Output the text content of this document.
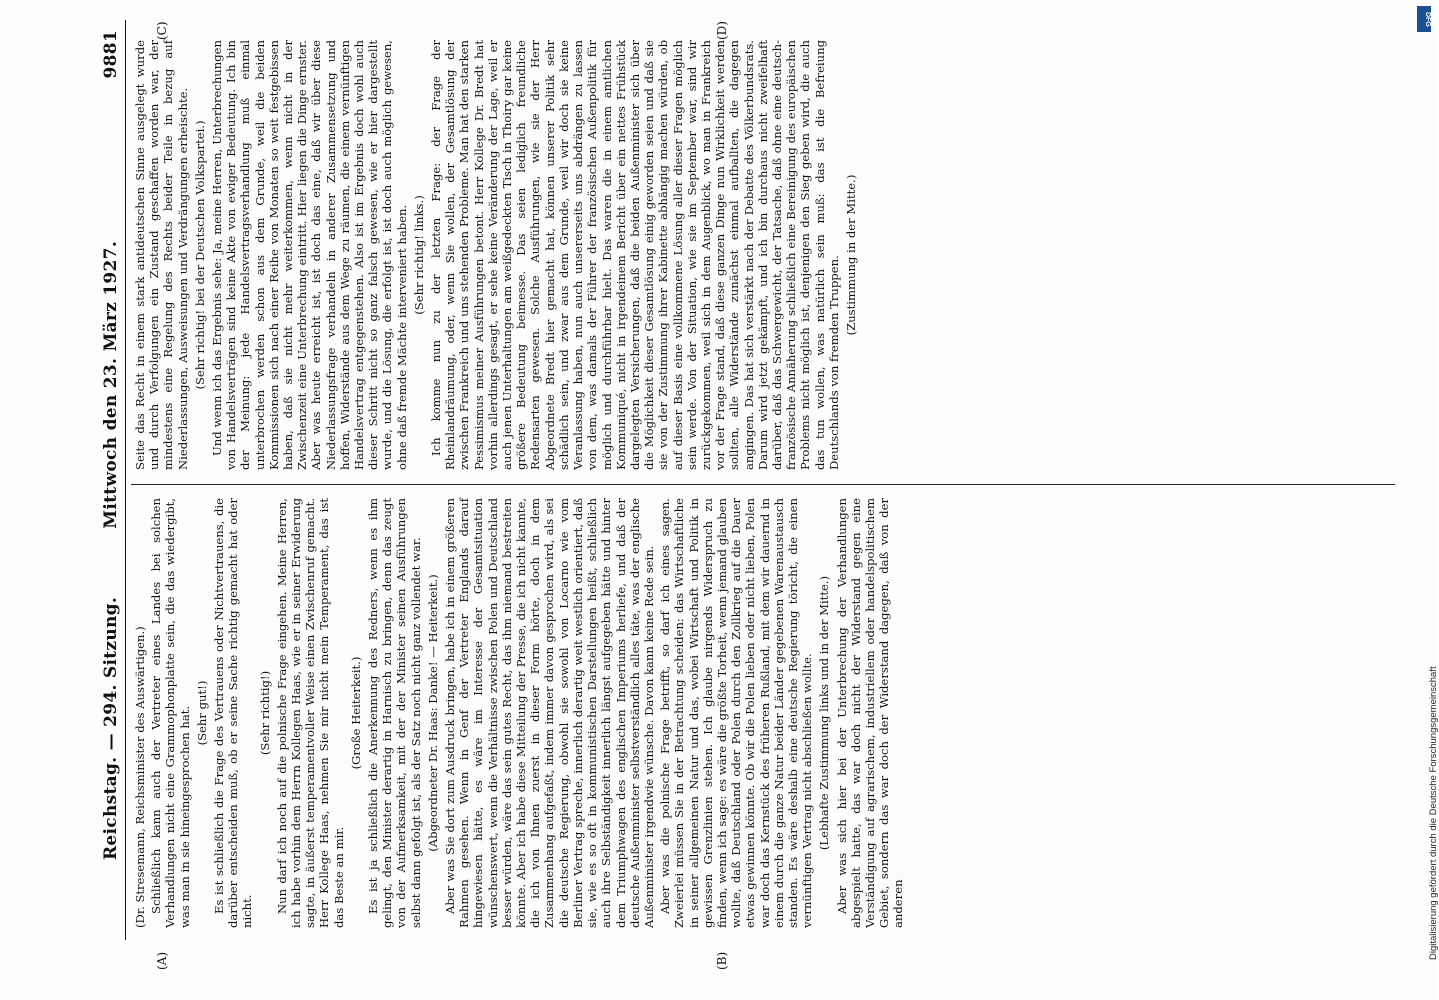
Reichstag. — 294. Sitzung.
Mittwoch den 23. März 1927.  9881
(A)	(B)
(C)	(D)

(Dr. Stresemann, Reichsminister des Auswärtigen.) Schließlich kann auch der Vertreter eines Landes bei solchen Verhandlungen nicht eine Grammophonplatte sein, die das wiedergibt, was man in sie hineingesprochen hat. (Sehr gut!) Es ist schließlich die Frage des Vertrauens oder Nichtvertrauens, die darüber entscheiden muß, ob er seine Sache richtig gemacht hat oder nicht.

(Sehr richtig!) Nun darf ich noch auf die polnische Frage eingehen. Meine Herren, ich habe vorhin dem Herrn Kollegen Haas, wie er in seiner Erwiderung sagte, in äußerst temperamentvoller Weise einen Zwischenruf gemacht. Herr Kollege Haas, nehmen Sie mir nicht mein Temperament, das ist das Beste an mir.

(Große Heiterkeit.) Es ist ja schließlich die Anerkennung des Redners, wenn es ihm gelingt, den Minister derartig in Harnisch zu bringen, denn das zeugt von der Aufmerksamkeit, mit der der Minister seinen Ausführungen selbst dann gefolgt ist, als der Satz noch nicht ganz vollendet war. (Abgeordneter Dr. Haas: Danke! — Heiterkeit.) Aber was Sie dort zum Ausdruck bringen, habe ich in einem größeren Rahmen gesehen. Wenn in Genf der Vertreter Englands darauf hingewiesen hätte, es wäre im Interesse der Gesamtsituation wünschenswert, wenn die Verhältnisse zwischen Polen und Deutschland besser würden, wäre das sein gutes Recht, das ihm niemand bestreiten könnte. Aber ich habe diese Mitteilung der Presse, die ich nicht kannte, die ich von Ihnen zuerst in dieser Form hörte, doch in dem Zusammenhang aufgefaßt, indem immer davon gesprochen wird, als sei die deutsche Regierung, obwohl sie sowohl von Locarno wie vom Berliner Vertrag spreche, innerlich derartig weit westlich orientiert, daß sie, wie es so oft in kommunistischen Darstellungen heißt, schließlich auch ihre Selbständigkeit innerlich längst aufgegeben hätte und hinter dem Triumphwagen des englischen Imperiums herliefe, und daß der deutsche Außenminister selbstverständlich alles täte, was der englische Außenminister irgendwie wünsche. Davon kann keine Rede sein. Aber was die polnische Frage betrifft, so darf ich eines sagen. Zweierlei müssen Sie in der Betrachtung scheiden: das Wirtschaftliche in seiner allgemeinen Natur und das, wobei Wirtschaft und Politik in gewissen Grenzlinien stehen. Ich glaube nirgends Widerspruch zu finden, wenn ich sage: es wäre die größte Torheit, wenn jemand glauben wollte, daß Deutschland oder Polen durch den Zollkrieg auf die Dauer etwas gewinnen könnte. Ob wir die Polen lieben oder nicht lieben, Polen war doch das Kernstück des früheren Rußland, mit dem wir dauernd in einem durch die ganze Natur beider Länder gegebenen Warenaustausch standen. Es wäre deshalb eine deutsche Regierung töricht, die einen vernünftigen Vertrag nicht abschließen wollte. (Lebhafte Zustimmung links und in der Mitte.) Aber was sich hier bei der Unterbrechung der Verhandlungen abgespielt hatte, das war doch nicht der Widerstand gegen eine Verständigung auf agrarischem, industriellem oder handelspolitischem Gebiet, sondern das war doch der Widerstand dagegen, daß von der anderen

Seite das Recht in einem stark antideutschen Sinne ausgelegt wurde und durch Verfolgungen ein Zustand geschaffen worden war, der mindestens eine Regelung des Rechts beider Teile in bezug auf Niederlassungen, Ausweisungen und Verdrängungen erheischte. (Sehr richtig! bei der Deutschen Volkspartei.) Und wenn ich das Ergebnis sehe: Ja, meine Herren, Unterbrechungen von Handelsverträgen sind keine Akte von ewiger Bedeutung. Ich bin der Meinung: jede Handelsvertragsverhandlung muß einmal unterbrochen werden schon aus dem Grunde, weil die beiden Kommissionen sich nach einer Reihe von Monaten so weit festgebissen haben, daß sie nicht mehr weiterkommen, wenn nicht in der Zwischenzeit eine Unterbrechung eintritt. Hier liegen die Dinge ernster. Aber was heute erreicht ist, ist doch das eine, daß wir über diese Niederlassungsfrage verhandeln in anderer Zusammensetzung und hoffen, Widerstände aus dem Wege zu räumen, die einem vernünftigen Handelsvertrag entgegenstehen. Also ist im Ergebnis doch wohl auch dieser Schritt nicht so ganz falsch gewesen, wie er hier dargestellt wurde, und die Lösung, die erfolgt ist, ist doch auch möglich gewesen, ohne daß fremde Mächte interveniert haben. (Sehr richtig! links.) Ich komme nun zu der letzten Frage: der Frage der Rheinlandräumung, oder, wenn Sie wollen, der Gesamtlösung der zwischen Frankreich und uns stehenden Probleme. Man hat den starken Pessimismus meiner Ausführungen betont. Herr Kollege Dr. Bredt hat vorhin allerdings gesagt, er sehe keine Veränderung der Lage, weil er auch jenen Unterhaltungen am weißgedeckten Tisch in Thoiry gar keine größere Bedeutung beimesse. Das seien lediglich freundliche Redensarten gewesen. Solche Ausführungen, wie sie der Herr Abgeordnete Bredt hier gemacht hat, können unserer Politik sehr schädlich sein, und zwar aus dem Grunde, weil wir doch sie keine Veranlassung haben, nun auch unsererseits uns abdrängen zu lassen von dem, was damals der Führer der französischen Außenpolitik für möglich und durchführbar hielt. Das waren die in einem amtlichen Kommuniqué, nicht in irgendeinem Bericht über ein nettes Frühstück dargelegten Versicherungen, daß die beiden Außenminister sich über die Möglichkeit dieser Gesamtlösung einig geworden seien und daß sie sie von der Zustimmung ihrer Kabinette abhängig machen würden, ob auf dieser Basis eine vollkommene Lösung aller dieser Fragen möglich sein werde. Von der Situation, wie sie im September war, sind wir zurückgekommen, weil sich in dem Augenblick, wo man in Frankreich vor der Frage stand, daß diese ganzen Dinge nun Wirklichkeit werden sollten, alle Widerstände zunächst einmal aufballten, die dagegen angingen. Das hat sich verstärkt nach der Debatte des Völkerbundsrats. Darum wird jetzt gekämpft, und ich bin durchaus nicht zweifelhaft darüber, daß das Schwergewicht, der Tatsache, daß ohne eine deutsch-französische Annäherung schließlich eine Bereinigung des europäischen Problems nicht möglich ist, denjenigen den Sieg geben wird, die auch das tun wollen, was natürlich sein muß: das ist die Befreiung Deutschlands von fremden Truppen.

(Zustimmung in der Mitte.)

DFG
Digitalisierung gefördert durch die Deutsche Forschungsgemeinschaft
